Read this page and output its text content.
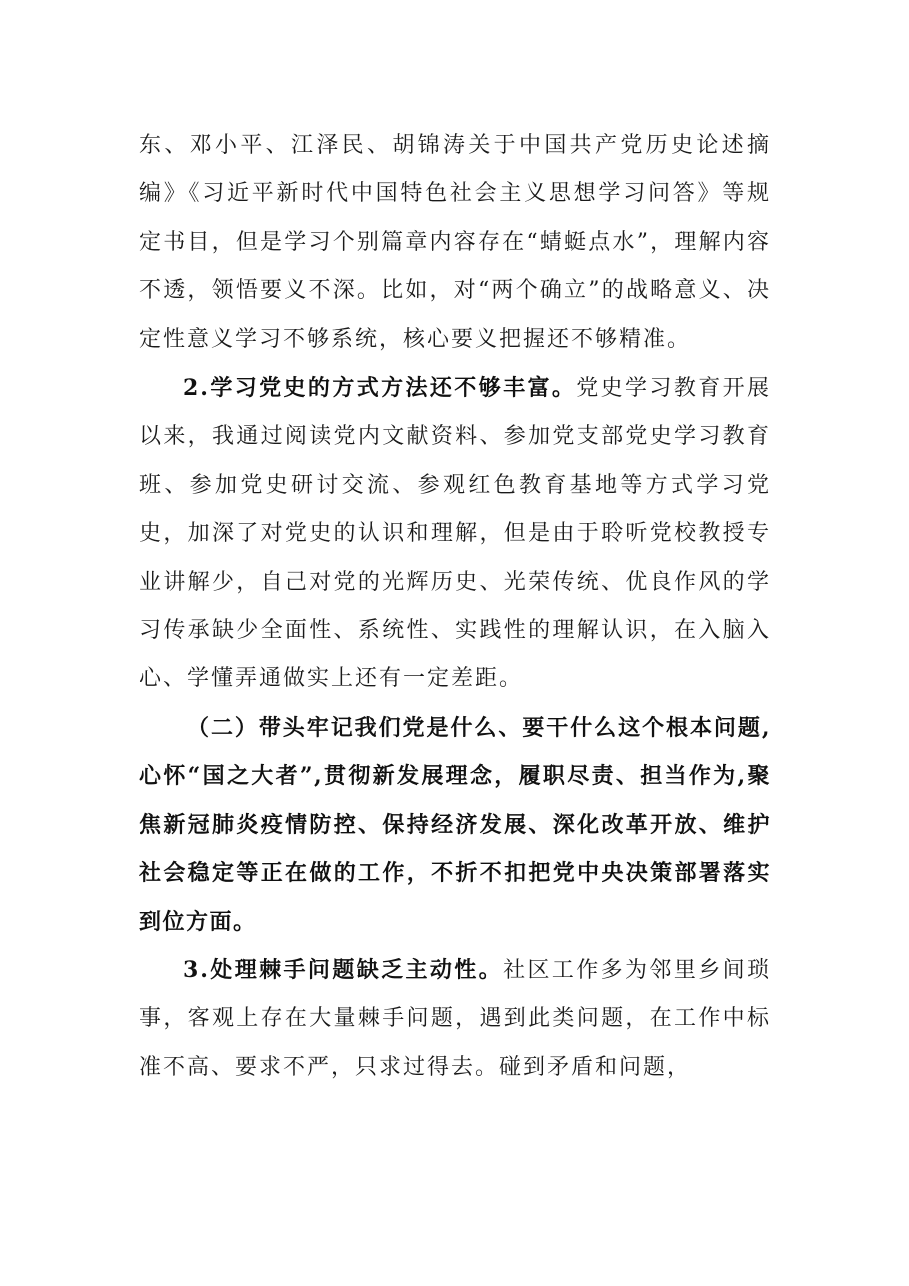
东、邓小平、江泽民、胡锦涛关于中国共产党历史论述摘编》《习近平新时代中国特色社会主义思想学习问答》等规定书目，但是学习个别篇章内容存在“蜻蜓点水”，理解内容不透，领悟要义不深。比如，对“两个确立”的战略意义、决定性意义学习不够系统，核心要义把握还不够精准。

2.学习党史的方式方法还不够丰富。党史学习教育开展以来，我通过阅读党内文献资料、参加党支部党史学习教育班、参加党史研讨交流、参观红色教育基地等方式学习党史，加深了对党史的认识和理解，但是由于聆听党校教授专业讲解少，自己对党的光辉历史、光荣传统、优良作风的学习传承缺少全面性、系统性、实践性的理解认识，在入脑入心、学懂弄通做实上还有一定差距。

（二）带头牢记我们党是什么、要干什么这个根本问题,心怀“国之大者”,贯彻新发展理念，履职尽责、担当作为,聚焦新冠肺炎疫情防控、保持经济发展、深化改革开放、维护社会稳定等正在做的工作，不折不扣把党中央决策部署落实到位方面。

3.处理棘手问题缺乏主动性。社区工作多为邻里乡间琐事，客观上存在大量棘手问题，遇到此类问题，在工作中标准不高、要求不严，只求过得去。碰到矛盾和问题，
